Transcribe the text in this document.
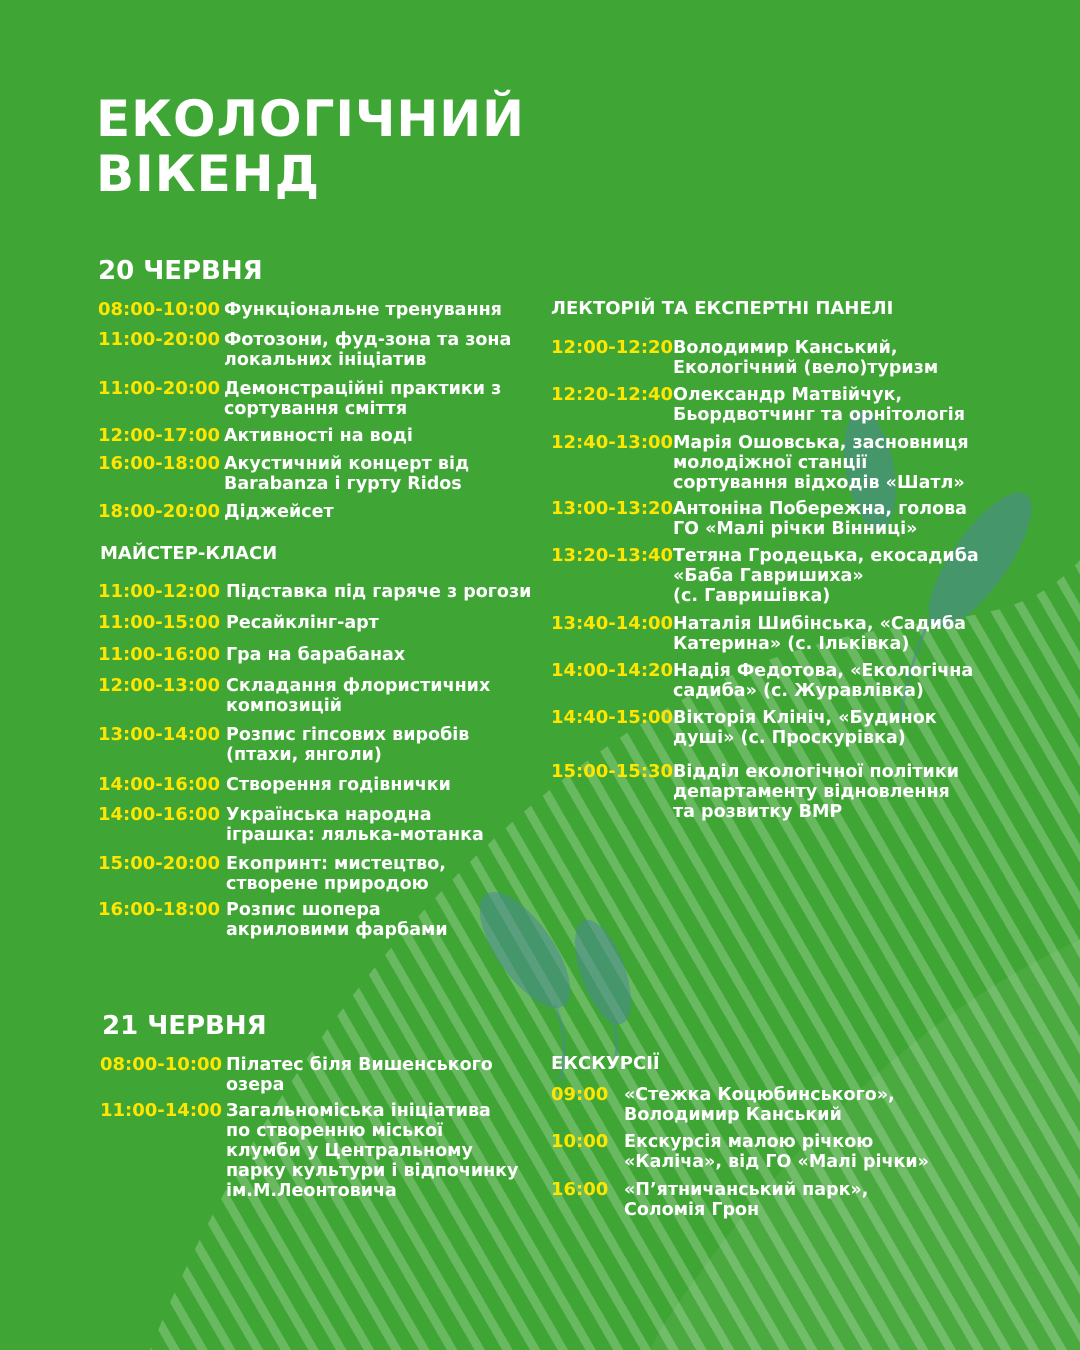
ЕКОЛОГІЧНИЙ
ВІКЕНД
20 ЧЕРВНЯ
08:00-10:00 Функціональне тренування
11:00-20:00 Фотозони, фуд-зона та зона
локальних ініціатив
11:00-20:00 Демонстраційні практики з
сортування сміття
12:00-17:00 Активності на воді
16:00-18:00 Акустичний концерт від
Barabanza і гурту Ridos
18:00-20:00 Діджейсет
МАЙСТЕР-КЛАСИ
11:00-12:00 Підставка під гаряче з рогози
11:00-15:00 Ресайклінг-арт
11:00-16:00 Гра на барабанах
12:00-13:00 Складання флористичних
композицій
13:00-14:00 Розпис гіпсових виробів
(птахи, янголи)
14:00-16:00 Створення годівнички
14:00-16:00 Українська народна
іграшка: лялька-мотанка
15:00-20:00 Екопринт: мистецтво,
створене природою
16:00-18:00 Розпис шопера
акриловими фарбами
ЛЕКТОРІЙ ТА ЕКСПЕРТНІ ПАНЕЛІ
12:00-12:20 Володимир Канський,
Екологічний (вело)туризм
12:20-12:40 Олександр Матвійчук,
Бьордвотчинг та орнітологія
12:40-13:00 Марія Ошовська, засновниця
молодіжної станції
сортування відходів «Шатл»
13:00-13:20 Антоніна Побережна, голова
ГО «Малі річки Вінниці»
13:20-13:40 Тетяна Гродецька, екосадиба
«Баба Гавришиха»
(с. Гавришівка)
13:40-14:00 Наталія Шибінська, «Садиба
Катерина» (с. Ільківка)
14:00-14:20 Надія Федотова, «Екологічна
садиба» (с. Журавлівка)
14:40-15:00 Вікторія Клініч, «Будинок
душі» (с. Проскурівка)
15:00-15:30 Відділ екологічної політики
департаменту відновлення
та розвитку ВМР
21 ЧЕРВНЯ
08:00-10:00 Пілатес біля Вишенського
озера
11:00-14:00 Загальноміська ініціатива
по створенню міської
клумби у Центральному
парку культури і відпочинку
ім.М.Леонтовича
ЕКСКУРСІЇ
09:00 «Стежка Коцюбинського»,
Володимир Канський
10:00 Екскурсія малою річкою
«Каліча», від ГО «Малі річки»
16:00 «П’ятничанський парк»,
Соломія Грон
